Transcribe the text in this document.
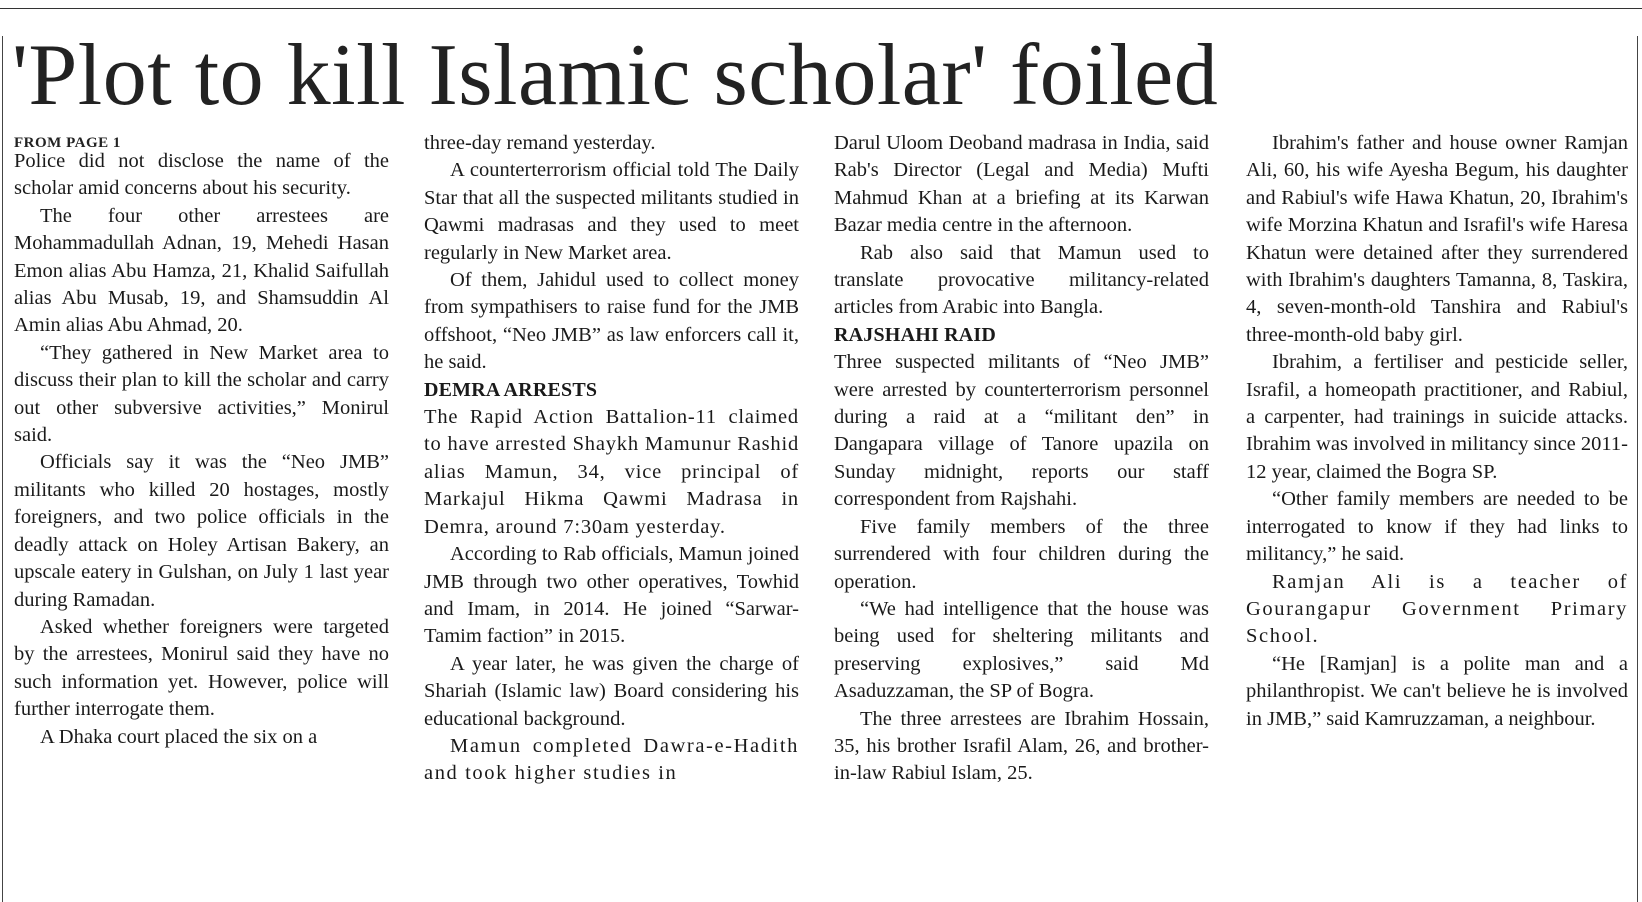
'Plot to kill Islamic scholar' foiled
FROM PAGE 1

Police did not disclose the name of the scholar amid concerns about his security.

The four other arrestees are Mohammadullah Adnan, 19, Mehedi Hasan Emon alias Abu Hamza, 21, Khalid Saifullah alias Abu Musab, 19, and Shamsuddin Al Amin alias Abu Ahmad, 20.

“They gathered in New Market area to discuss their plan to kill the scholar and carry out other subversive activities,” Monirul said.

Officials say it was the “Neo JMB” militants who killed 20 hostages, mostly foreigners, and two police officials in the deadly attack on Holey Artisan Bakery, an upscale eatery in Gulshan, on July 1 last year during Ramadan.

Asked whether foreigners were targeted by the arrestees, Monirul said they have no such information yet. However, police will further interrogate them.

A Dhaka court placed the six on a

three-day remand yesterday.

A counterterrorism official told The Daily Star that all the suspected militants studied in Qawmi madrasas and they used to meet regularly in New Market area.

Of them, Jahidul used to collect money from sympathisers to raise fund for the JMB offshoot, “Neo JMB” as law enforcers call it, he said.

DEMRA ARRESTS

The Rapid Action Battalion-11 claimed to have arrested Shaykh Mamunur Rashid alias Mamun, 34, vice principal of Markajul Hikma Qawmi Madrasa in Demra, around 7:30am yesterday.

According to Rab officials, Mamun joined JMB through two other operatives, Towhid and Imam, in 2014. He joined “Sarwar-Tamim faction” in 2015.

A year later, he was given the charge of Shariah (Islamic law) Board considering his educational background.

Mamun completed Dawra-e-Hadith and took higher studies in

Darul Uloom Deoband madrasa in India, said Rab's Director (Legal and Media) Mufti Mahmud Khan at a briefing at its Karwan Bazar media centre in the afternoon.

Rab also said that Mamun used to translate provocative militancy-related articles from Arabic into Bangla.

RAJSHAHI RAID

Three suspected militants of “Neo JMB” were arrested by counterterrorism personnel during a raid at a “militant den” in Dangapara village of Tanore upazila on Sunday midnight, reports our staff correspondent from Rajshahi.

Five family members of the three surrendered with four children during the operation.

“We had intelligence that the house was being used for sheltering militants and preserving explosives,” said Md Asaduzzaman, the SP of Bogra.

The three arrestees are Ibrahim Hossain, 35, his brother Israfil Alam, 26, and brother-in-law Rabiul Islam, 25.

Ibrahim's father and house owner Ramjan Ali, 60, his wife Ayesha Begum, his daughter and Rabiul's wife Hawa Khatun, 20, Ibrahim's wife Morzina Khatun and Israfil's wife Haresa Khatun were detained after they surrendered with Ibrahim's daughters Tamanna, 8, Taskira, 4, seven-month-old Tanshira and Rabiul's three-month-old baby girl.

Ibrahim, a fertiliser and pesticide seller, Israfil, a homeopath practitioner, and Rabiul, a carpenter, had trainings in suicide attacks. Ibrahim was involved in militancy since 2011-12 year, claimed the Bogra SP.

“Other family members are needed to be interrogated to know if they had links to militancy,” he said.

Ramjan Ali is a teacher of Gourangapur Government Primary School.

“He [Ramjan] is a polite man and a philanthropist. We can't believe he is involved in JMB,” said Kamruzzaman, a neighbour.
